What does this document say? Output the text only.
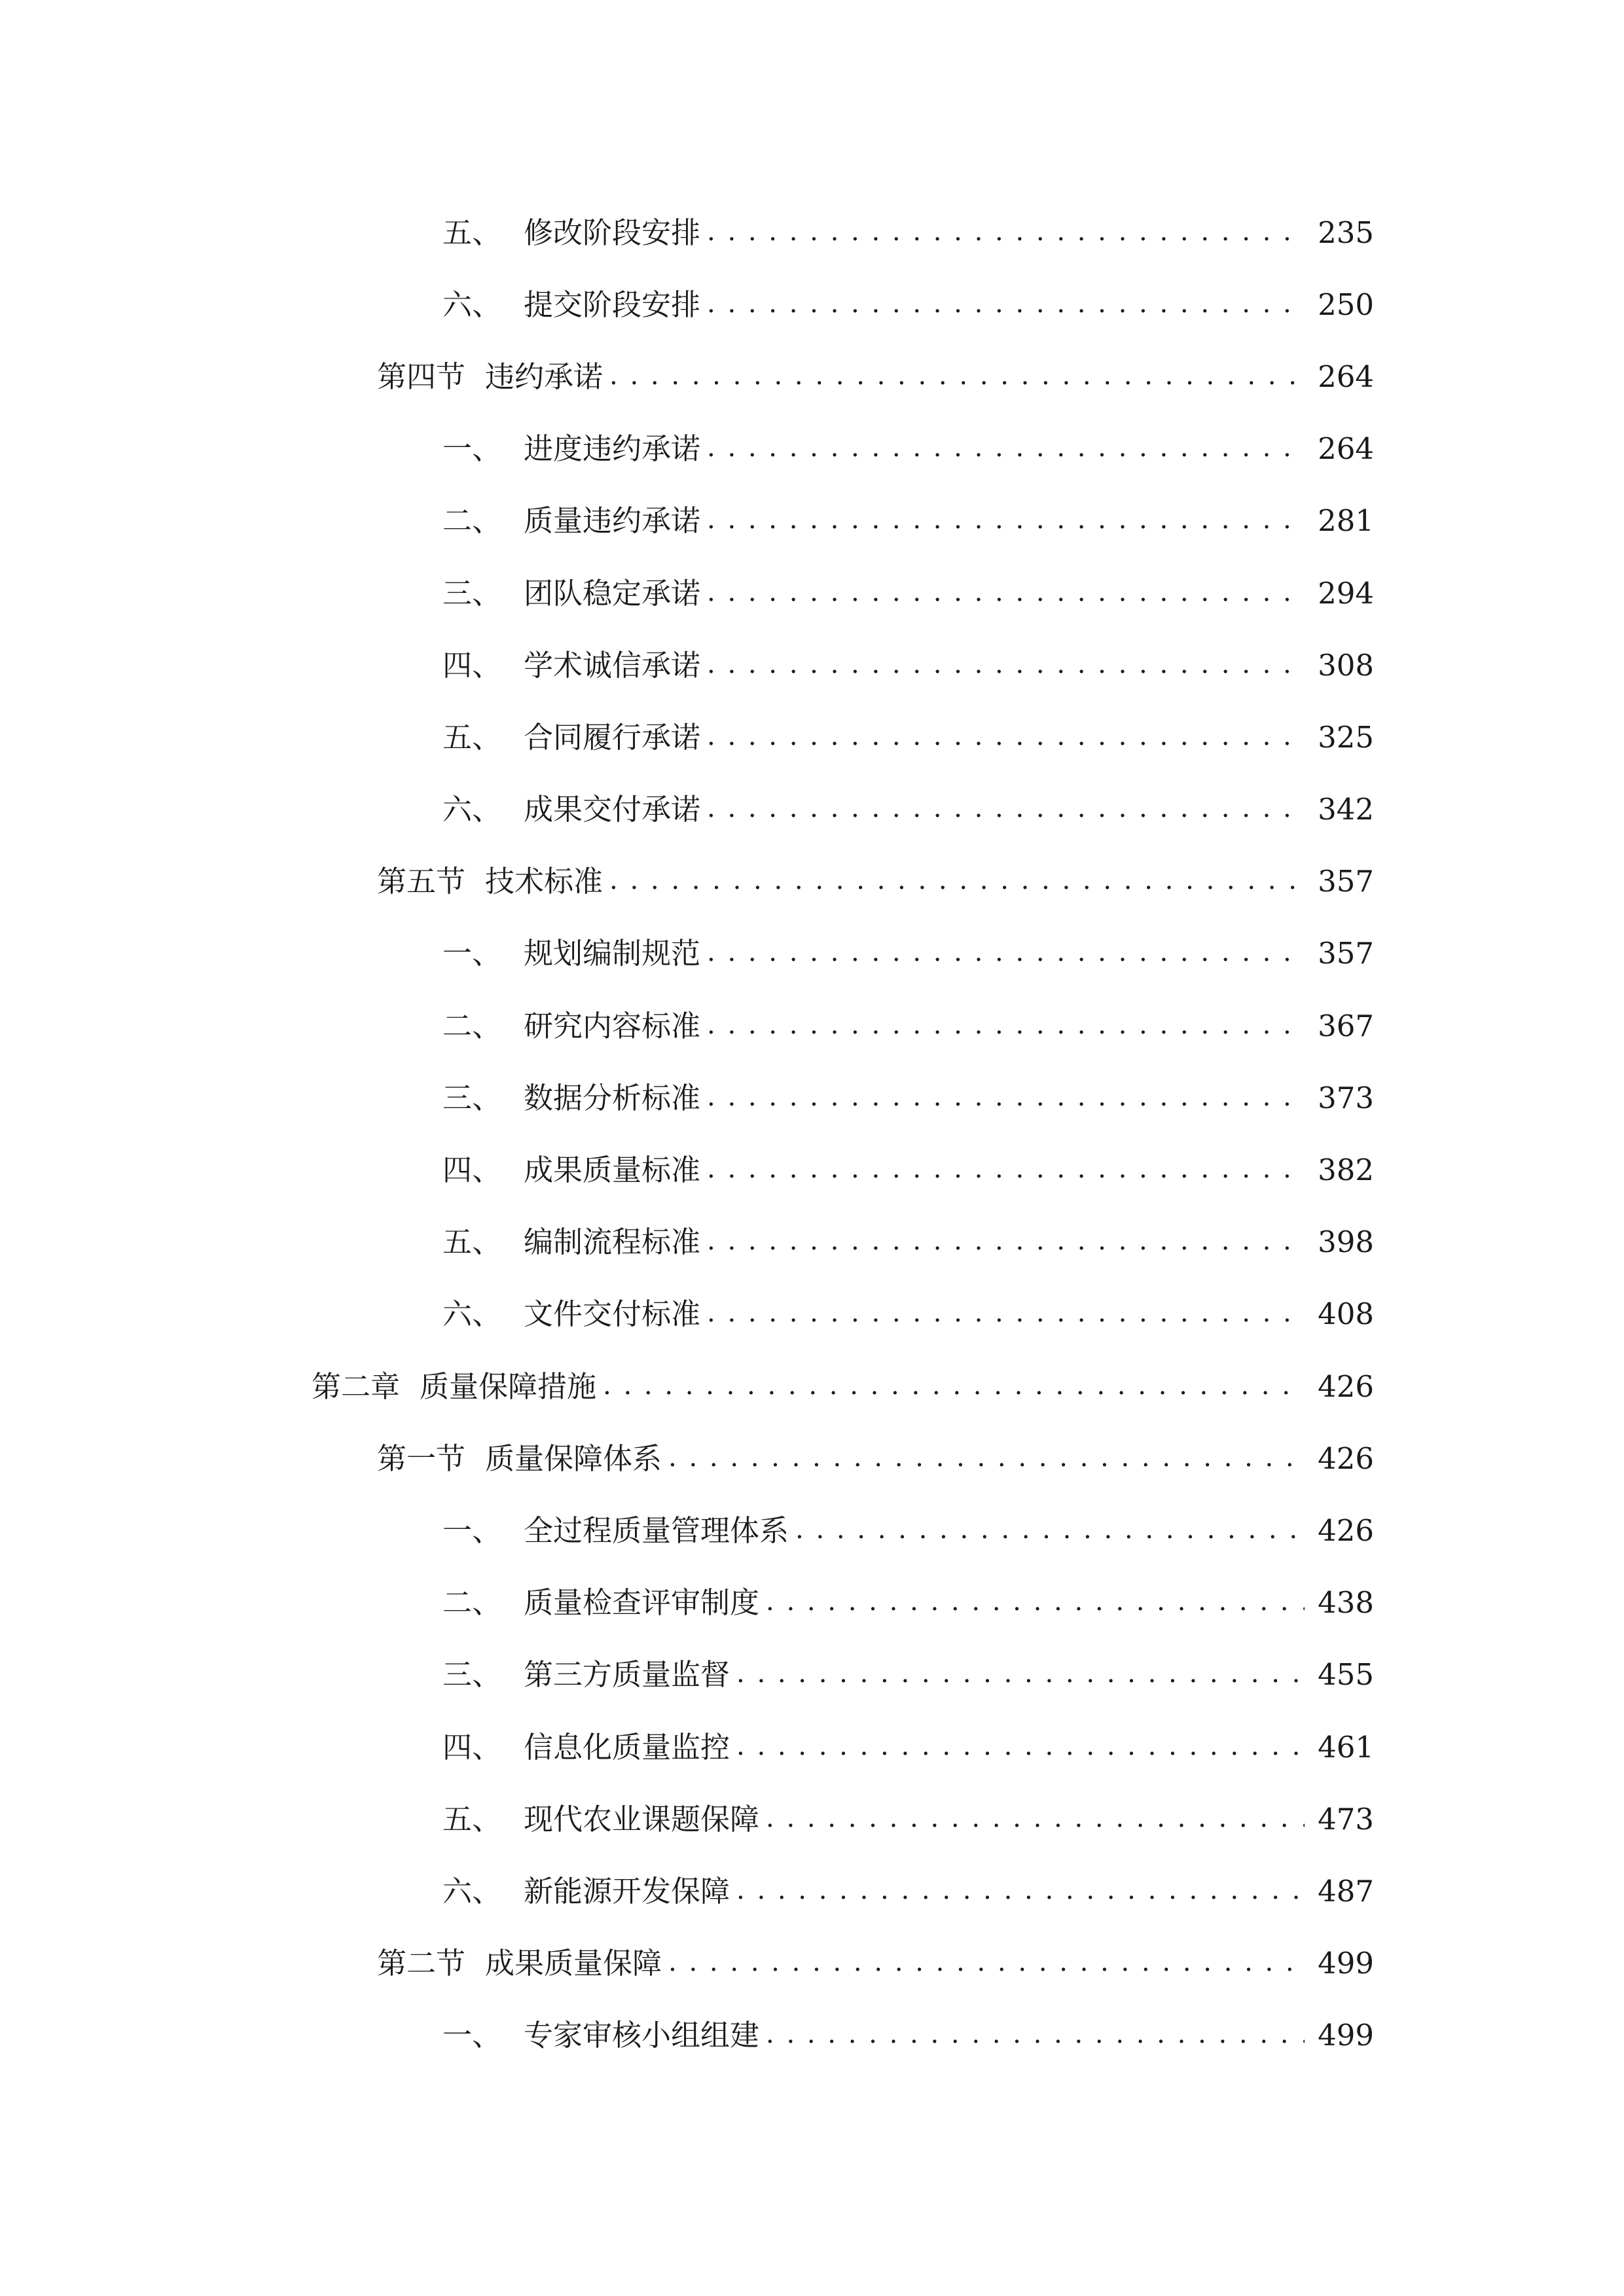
五、 修改阶段安排 . . .	235
六、 提交阶段安排 . . .	250
第四节 违约承诺 . . .	264
一、 进度违约承诺 . . .	264
二、 质量违约承诺 . . .	281
三、 团队稳定承诺 . . .	294
四、 学术诚信承诺 . . .	308
五、 合同履行承诺 . . .	325
六、 成果交付承诺 . . .	342
第五节 技术标准 . . .	357
一、 规划编制规范 . . .	357
二、 研究内容标准 . . .	367
三、 数据分析标准 . . .	373
四、 成果质量标准 . . .	382
五、 编制流程标准 . . .	398
六、 文件交付标准 . . .	408
第二章 质量保障措施 . . .	426
第一节 质量保障体系 . . .	426
一、 全过程质量管理体系 . . .	426
二、 质量检查评审制度 . . .	438
三、 第三方质量监督 . . .	455
四、 信息化质量监控 . . .	461
五、 现代农业课题保障 . . .	473
六、 新能源开发保障 . . .	487
第二节 成果质量保障 . . .	499
一、 专家审核小组组建 . . .	499
